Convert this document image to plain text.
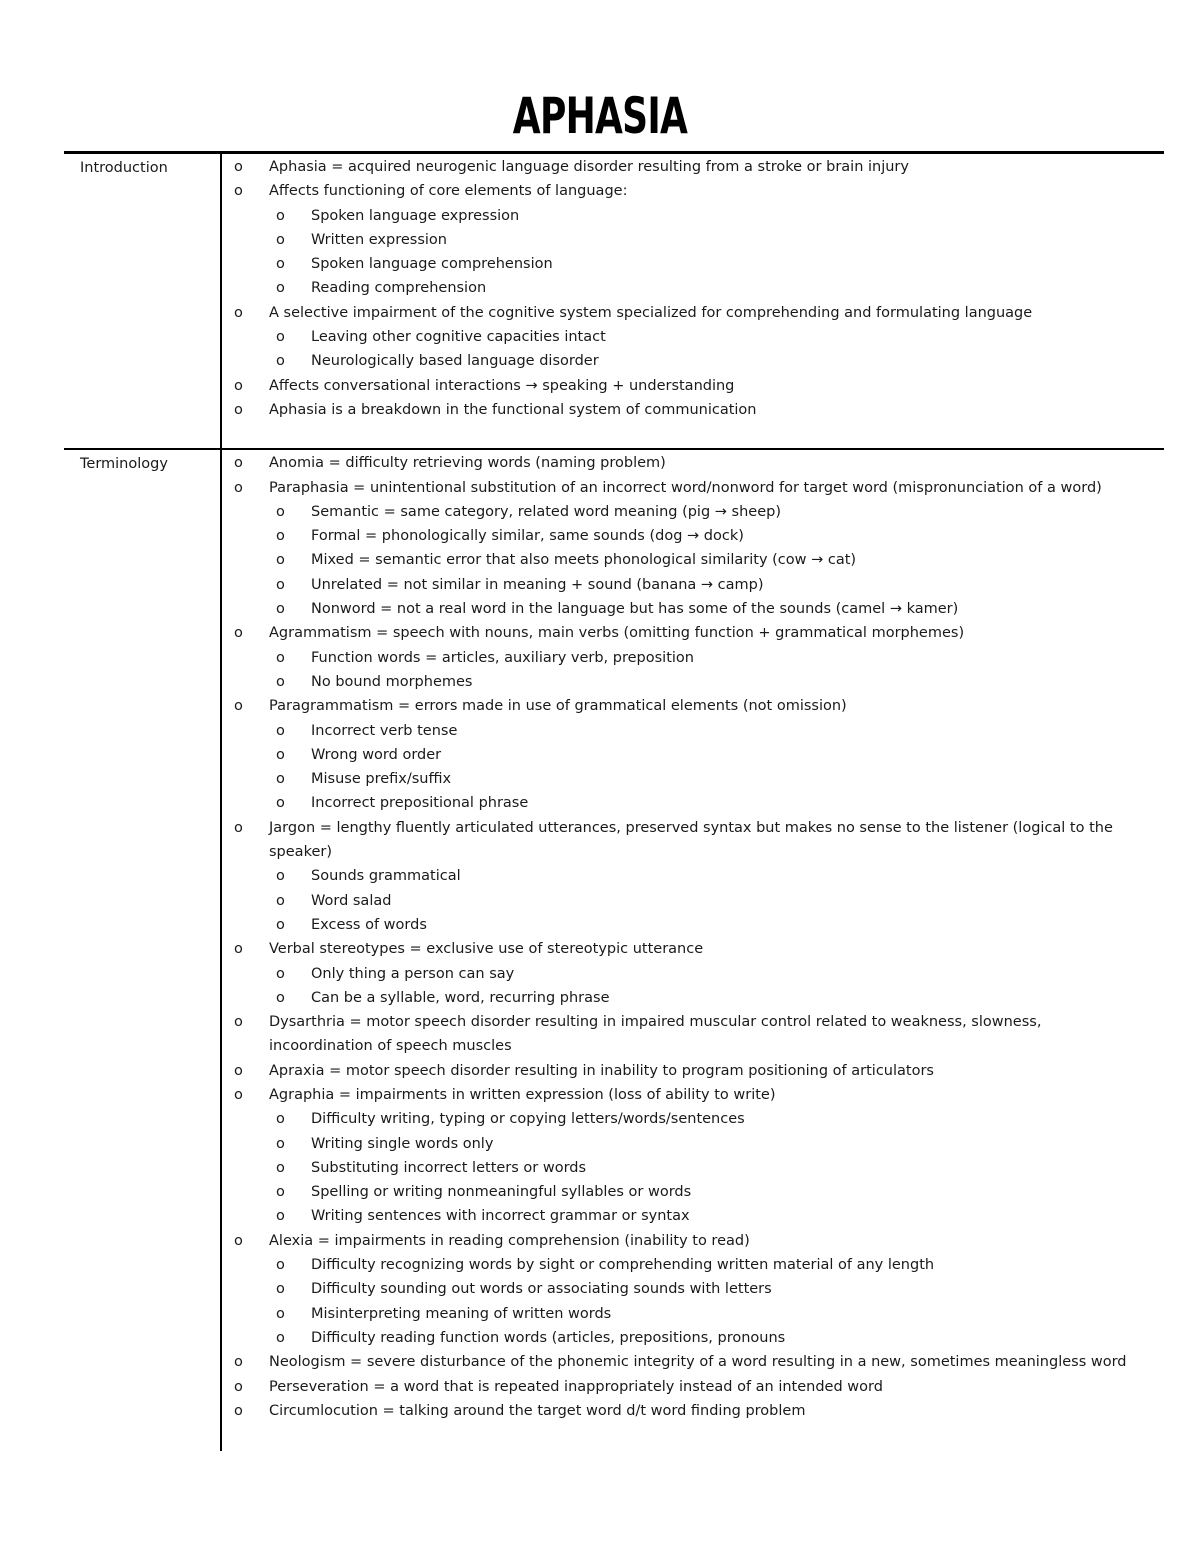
APHASIA
Introduction	o Aphasia = acquired neurogenic language disorder resulting from a stroke or brain injury
o Affects functioning of core elements of language:
o Spoken language expression
o Written expression
o Spoken language comprehension
o Reading comprehension
o A selective impairment of the cognitive system specialized for comprehending and formulating language
o Leaving other cognitive capacities intact
o Neurologically based language disorder
o Affects conversational interactions → speaking + understanding
o Aphasia is a breakdown in the functional system of communication
Terminology	o Anomia = difficulty retrieving words (naming problem)
o Paraphasia = unintentional substitution of an incorrect word/nonword for target word (mispronunciation of a word)
o Semantic = same category, related word meaning (pig → sheep)
o Formal = phonologically similar, same sounds (dog → dock)
o Mixed = semantic error that also meets phonological similarity (cow → cat)
o Unrelated = not similar in meaning + sound (banana → camp)
o Nonword = not a real word in the language but has some of the sounds (camel → kamer)
o Agrammatism = speech with nouns, main verbs (omitting function + grammatical morphemes)
o Function words = articles, auxiliary verb, preposition
o No bound morphemes
o Paragrammatism = errors made in use of grammatical elements (not omission)
o Incorrect verb tense
o Wrong word order
o Misuse prefix/suffix
o Incorrect prepositional phrase
o Jargon = lengthy fluently articulated utterances, preserved syntax but makes no sense to the listener (logical to the speaker)
o Sounds grammatical
o Word salad
o Excess of words
o Verbal stereotypes = exclusive use of stereotypic utterance
o Only thing a person can say
o Can be a syllable, word, recurring phrase
o Dysarthria = motor speech disorder resulting in impaired muscular control related to weakness, slowness, incoordination of speech muscles
o Apraxia = motor speech disorder resulting in inability to program positioning of articulators
o Agraphia = impairments in written expression (loss of ability to write)
o Difficulty writing, typing or copying letters/words/sentences
o Writing single words only
o Substituting incorrect letters or words
o Spelling or writing nonmeaningful syllables or words
o Writing sentences with incorrect grammar or syntax
o Alexia = impairments in reading comprehension (inability to read)
o Difficulty recognizing words by sight or comprehending written material of any length
o Difficulty sounding out words or associating sounds with letters
o Misinterpreting meaning of written words
o Difficulty reading function words (articles, prepositions, pronouns
o Neologism = severe disturbance of the phonemic integrity of a word resulting in a new, sometimes meaningless word
o Perseveration = a word that is repeated inappropriately instead of an intended word
o Circumlocution = talking around the target word d/t word finding problem
